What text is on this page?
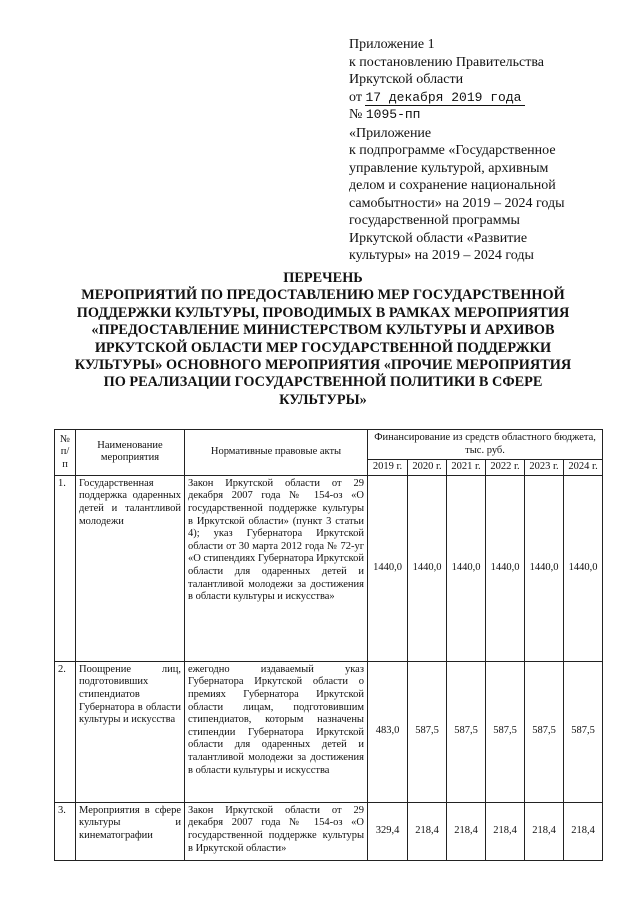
Приложение 1
к постановлению Правительства
Иркутской области
от 17 декабря 2019 года
№ 1095-пп
«Приложение
к подпрограмме «Государственное
управление культурой, архивным
делом и сохранение национальной
самобытности» на 2019 – 2024 годы
государственной программы
Иркутской области «Развитие
культуры» на 2019 – 2024 годы
ПЕРЕЧЕНЬ
МЕРОПРИЯТИЙ ПО ПРЕДОСТАВЛЕНИЮ МЕР ГОСУДАРСТВЕННОЙ
ПОДДЕРЖКИ КУЛЬТУРЫ, ПРОВОДИМЫХ В РАМКАХ МЕРОПРИЯТИЯ
«ПРЕДОСТАВЛЕНИЕ МИНИСТЕРСТВОМ КУЛЬТУРЫ И АРХИВОВ
ИРКУТСКОЙ ОБЛАСТИ МЕР ГОСУДАРСТВЕННОЙ ПОДДЕРЖКИ
КУЛЬТУРЫ» ОСНОВНОГО МЕРОПРИЯТИЯ «ПРОЧИЕ МЕРОПРИЯТИЯ
ПО РЕАЛИЗАЦИИ ГОСУДАРСТВЕННОЙ ПОЛИТИКИ В СФЕРЕ
КУЛЬТУРЫ»
№ п/п	Наименование мероприятия	Нормативные правовые акты	Финансирование из средств областного бюджета, тыс. руб.					
			2019 г.	2020 г.	2021 г.	2022 г.	2023 г.	2024 г.
1.	Государственная поддержка одаренных детей и талантливой молодежи	Закон Иркутской области от 29 декабря 2007 года № 154-оз «О государственной поддержке культуры в Иркутской области» (пункт 3 статьи 4); указ Губернатора Иркутской области от 30 марта 2012 года № 72-уг «О стипендиях Губернатора Иркутской области для одаренных детей и талантливой молодежи за достижения в области культуры и искусства»	1440,0	1440,0	1440,0	1440,0	1440,0	1440,0
2.	Поощрение лиц, подготовивших стипендиатов Губернатора в области культуры и искусства	ежегодно издаваемый указ Губернатора Иркутской области о премиях Губернатора Иркутской области лицам, подготовившим стипендиатов, которым назначены стипендии Губернатора Иркутской области для одаренных детей и талантливой молодежи за достижения в области культуры и искусства	483,0	587,5	587,5	587,5	587,5	587,5
3.	Мероприятия в сфере культуры и кинематографии	Закон Иркутской области от 29 декабря 2007 года № 154-оз «О государственной поддержке культуры в Иркутской области»	329,4	218,4	218,4	218,4	218,4	218,4
